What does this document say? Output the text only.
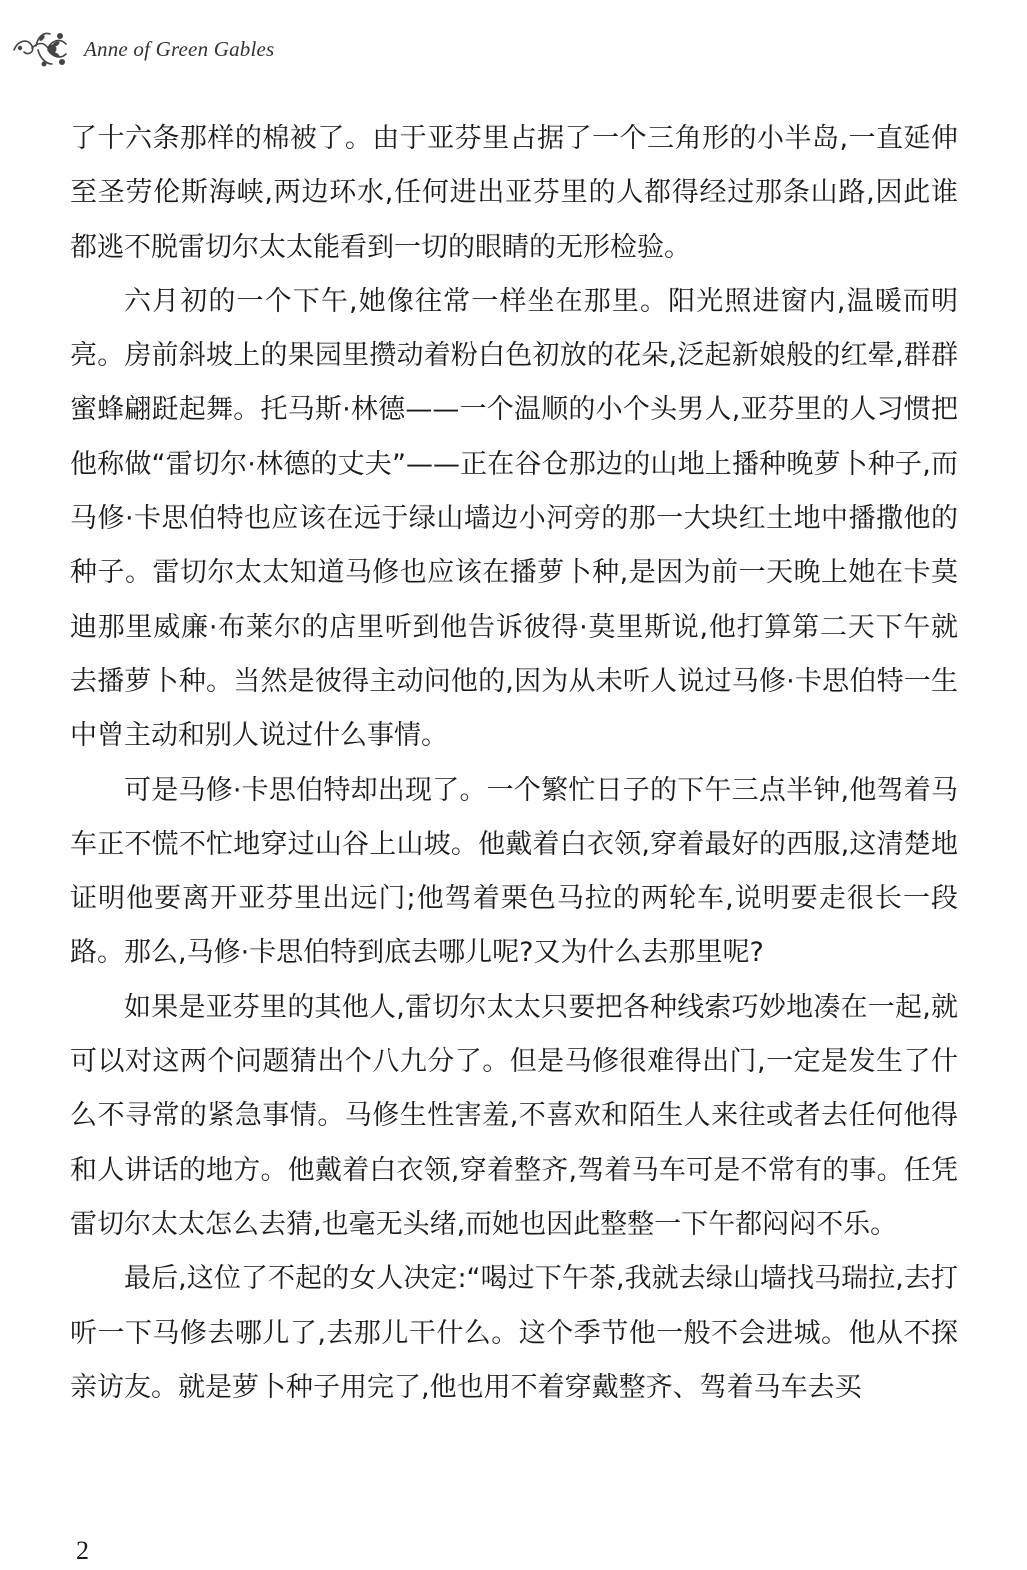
Anne of Green Gables

了十六条那样的棉被了。由于亚芬里占据了一个三角形的小半岛,一直延伸至圣劳伦斯海峡,两边环水,任何进出亚芬里的人都得经过那条山路,因此谁都逃不脱雷切尔太太能看到一切的眼睛的无形检验。

六月初的一个下午,她像往常一样坐在那里。阳光照进窗内,温暖而明亮。房前斜坡上的果园里攒动着粉白色初放的花朵,泛起新娘般的红晕,群群蜜蜂翩跹起舞。托马斯·林德——一个温顺的小个头男人,亚芬里的人习惯把他称做“雷切尔·林德的丈夫”——正在谷仓那边的山地上播种晚萝卜种子,而马修·卡思伯特也应该在远于绿山墙边小河旁的那一大块红土地中播撒他的种子。雷切尔太太知道马修也应该在播萝卜种,是因为前一天晚上她在卡莫迪那里威廉·布莱尔的店里听到他告诉彼得·莫里斯说,他打算第二天下午就去播萝卜种。当然是彼得主动问他的,因为从未听人说过马修·卡思伯特一生中曾主动和别人说过什么事情。

可是马修·卡思伯特却出现了。一个繁忙日子的下午三点半钟,他驾着马车正不慌不忙地穿过山谷上山坡。他戴着白衣领,穿着最好的西服,这清楚地证明他要离开亚芬里出远门;他驾着栗色马拉的两轮车,说明要走很长一段路。那么,马修·卡思伯特到底去哪儿呢?又为什么去那里呢?

如果是亚芬里的其他人,雷切尔太太只要把各种线索巧妙地凑在一起,就可以对这两个问题猜出个八九分了。但是马修很难得出门,一定是发生了什么不寻常的紧急事情。马修生性害羞,不喜欢和陌生人来往或者去任何他得和人讲话的地方。他戴着白衣领,穿着整齐,驾着马车可是不常有的事。任凭雷切尔太太怎么去猜,也毫无头绪,而她也因此整整一下午都闷闷不乐。

最后,这位了不起的女人决定:“喝过下午茶,我就去绿山墙找马瑞拉,去打听一下马修去哪儿了,去那儿干什么。这个季节他一般不会进城。他从不探亲访友。就是萝卜种子用完了,他也用不着穿戴整齐、驾着马车去买

2
